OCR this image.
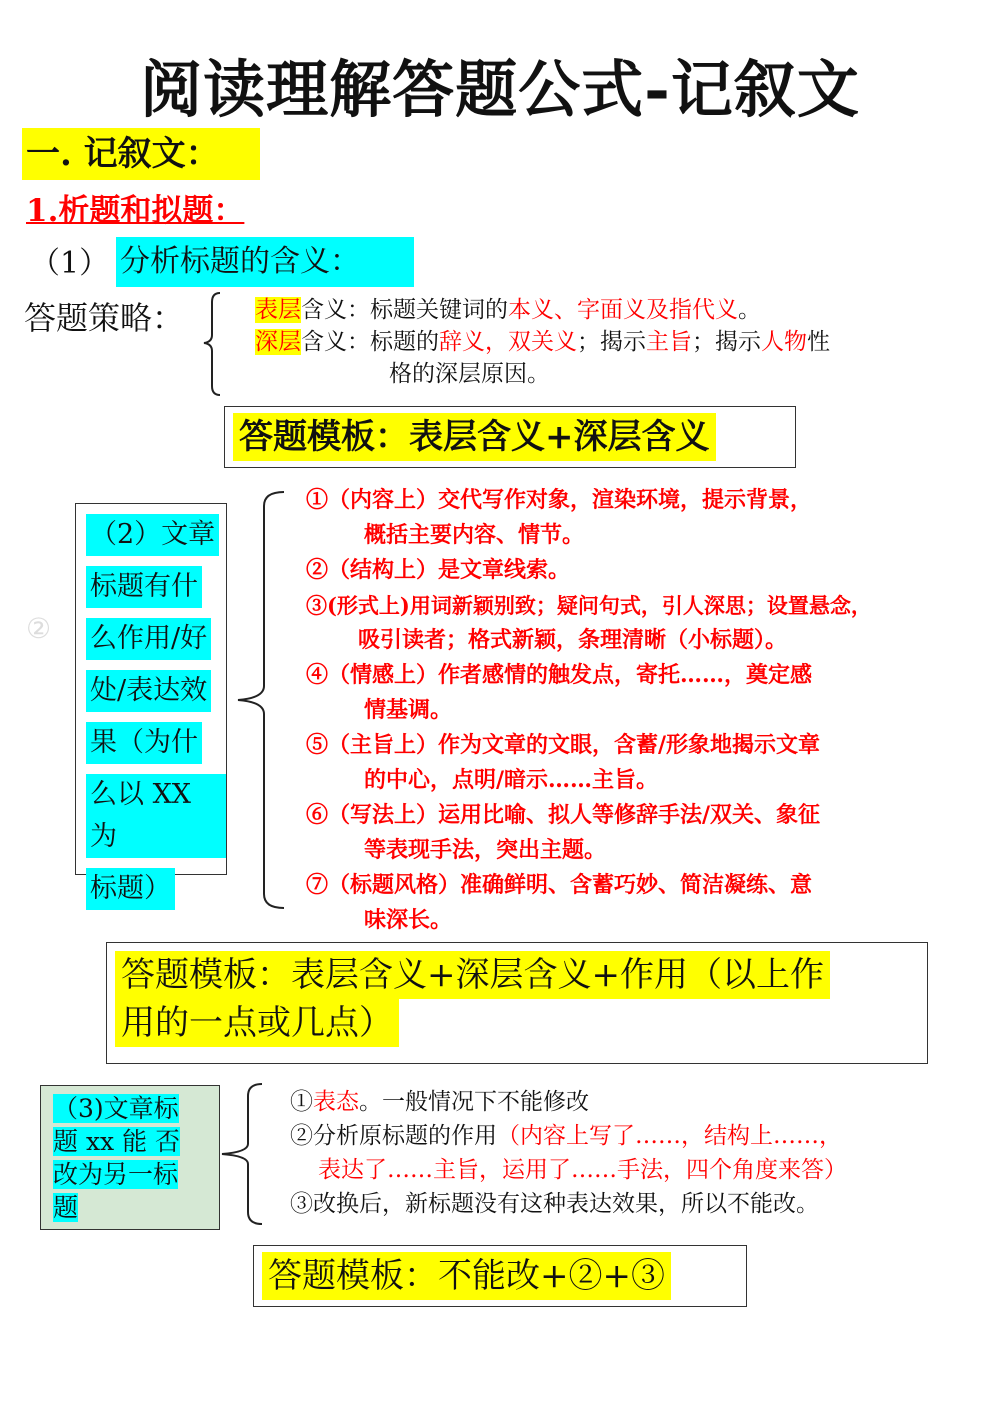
阅读理解答题公式-记叙文
一. 记叙文：
1.析题和拟题：
（1） 分析标题的含义：
答题策略：	表层含义：标题关键词的本义、字面义及指代义。
深层含义：标题的辞义，双关义；揭示主旨；揭示人物性
格的深层原因。
答题模板：表层含义+深层含义
②
（2）文章
标题有什
么作用/好
处/表达效
果（为什
么以 XX 为
标题）
①（内容上）交代写作对象，渲染环境，提示背景，
概括主要内容、情节。
②（结构上）是文章线索。
③(形式上)用词新颖别致；疑问句式，引人深思；设置悬念，
吸引读者；格式新颖，条理清晰（小标题）。
④（情感上）作者感情的触发点，寄托……，奠定感
情基调。
⑤（主旨上）作为文章的文眼，含蓄/形象地揭示文章
的中心，点明/暗示……主旨。
⑥（写法上）运用比喻、拟人等修辞手法/双关、象征
等表现手法，突出主题。
⑦（标题风格）准确鲜明、含蓄巧妙、简洁凝练、意
味深长。
答题模板：表层含义+深层含义+作用（以上作
用的一点或几点）
（3)文章标
题 xx 能 否
改为另一标
题
①表态。一般情况下不能修改
②分析原标题的作用（内容上写了……，结构上……，
表达了……主旨，运用了……手法，四个角度来答）
③改换后，新标题没有这种表达效果，所以不能改。
答题模板：不能改+②+③
